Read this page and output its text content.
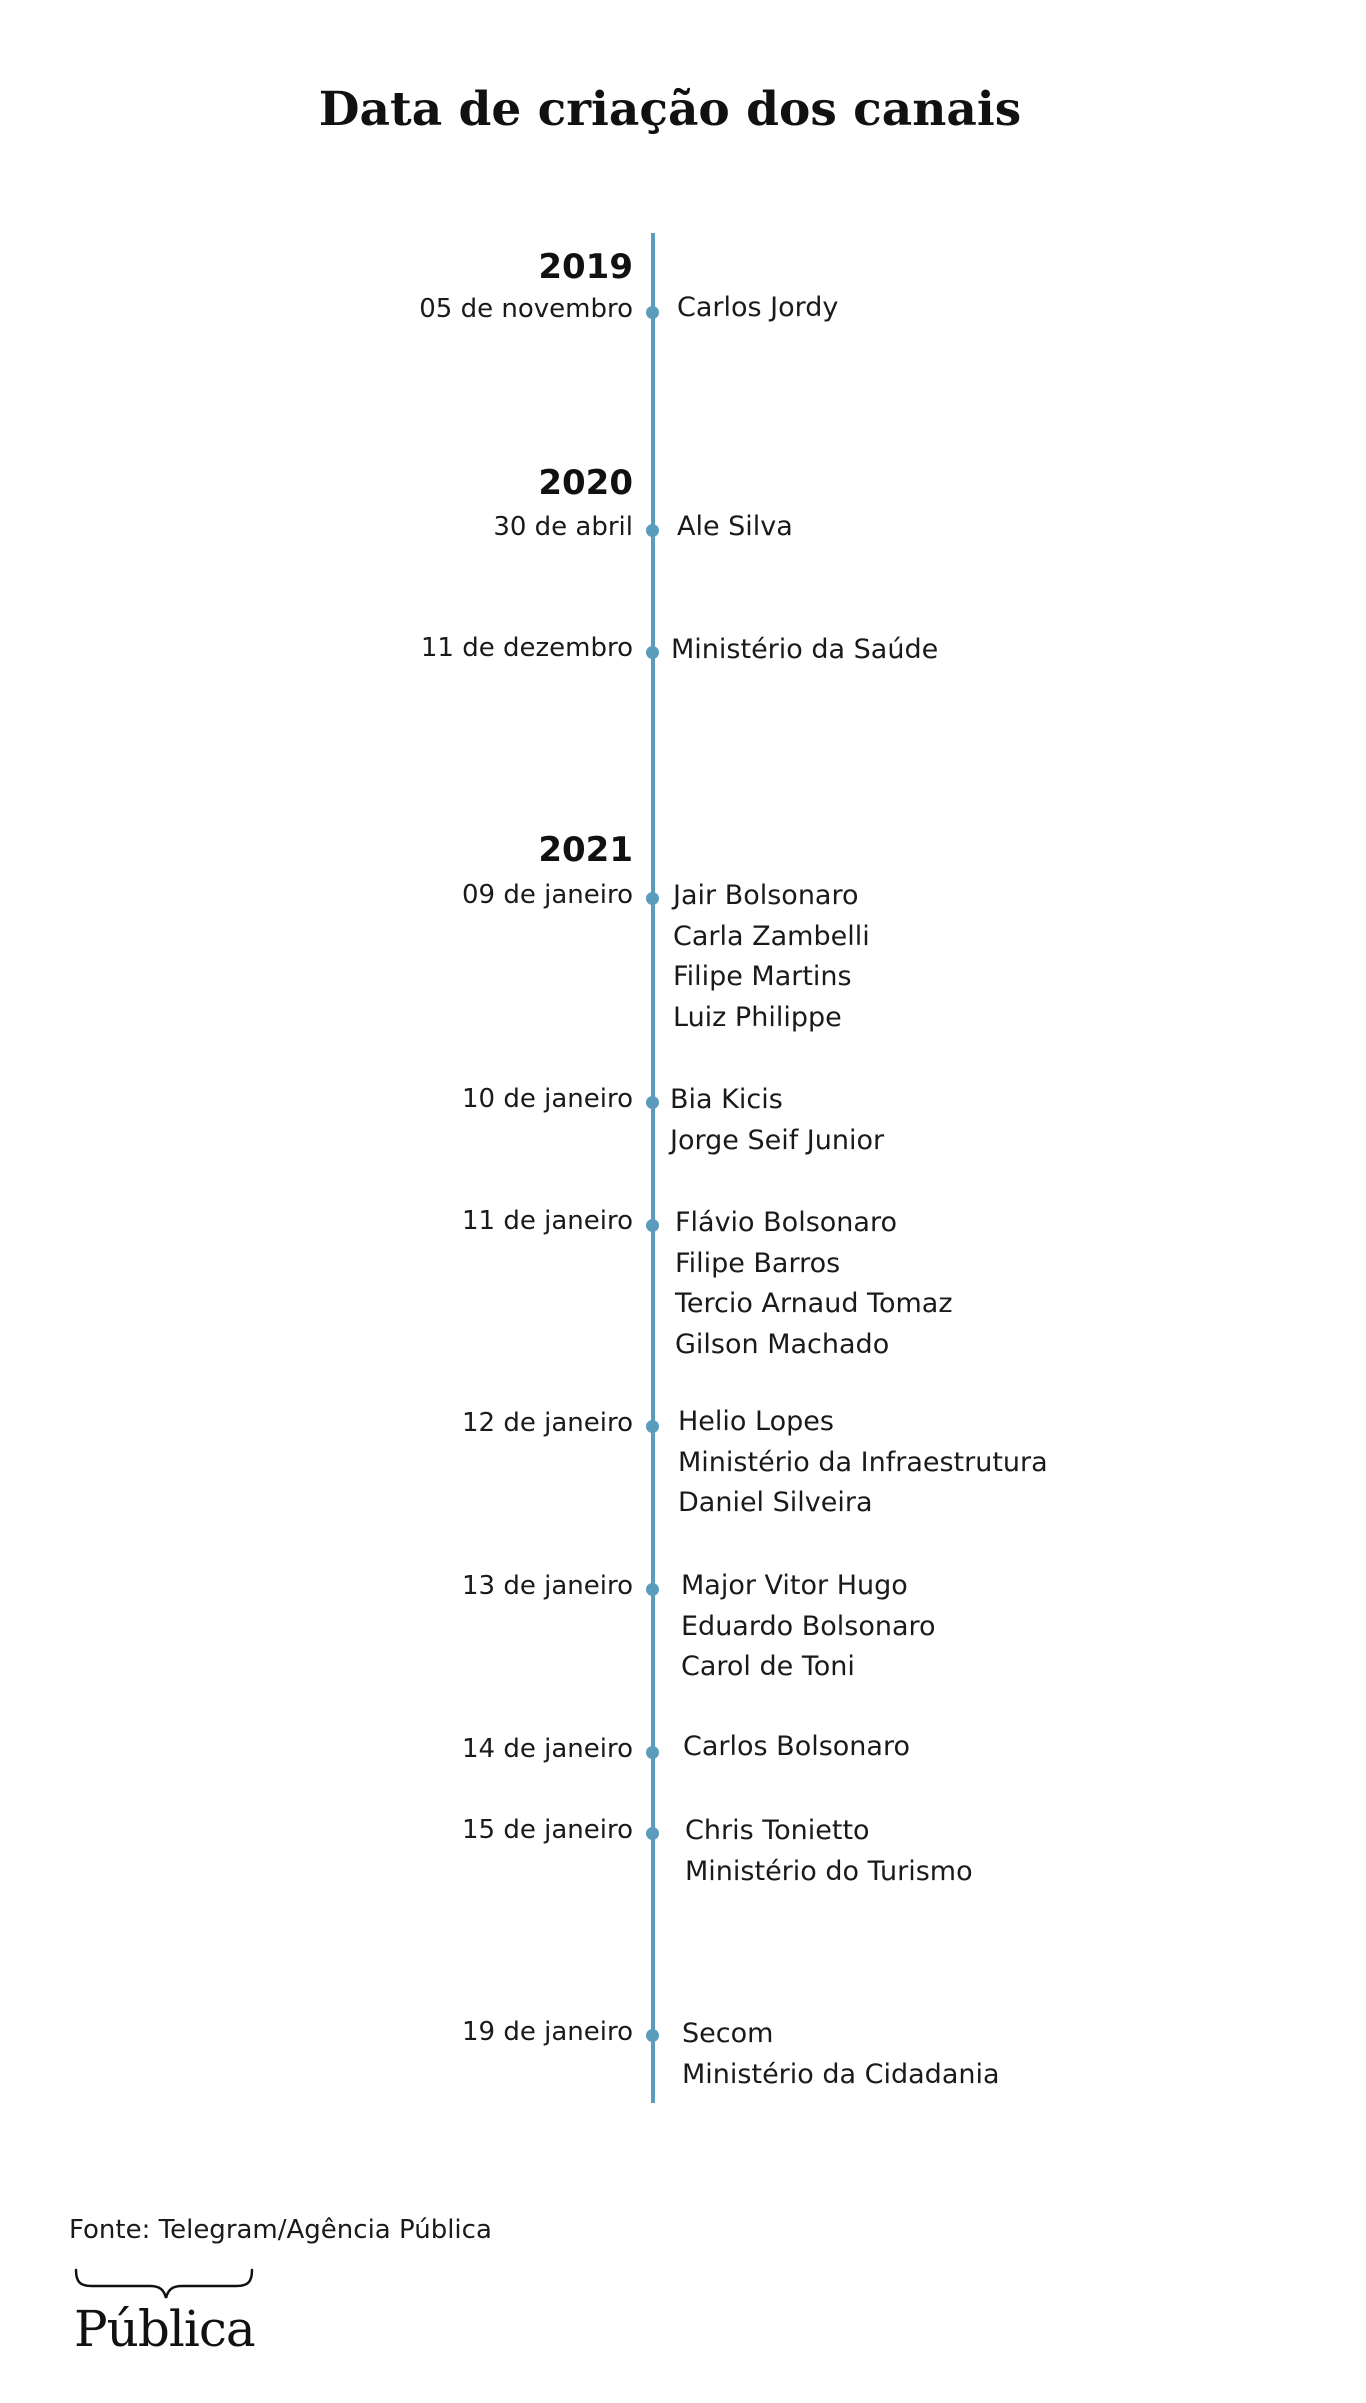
Data de criação dos canais
2019
2020
2021
05 de novembro Carlos Jordy
30 de abril Ale Silva
11 de dezembro Ministério da Saúde
09 de janeiro Jair Bolsonaro
Carla Zambelli
Filipe Martins
Luiz Philippe
10 de janeiro Bia Kicis
Jorge Seif Junior
11 de janeiro Flávio Bolsonaro
Filipe Barros
Tercio Arnaud Tomaz
Gilson Machado
12 de janeiro Helio Lopes
Ministério da Infraestrutura
Daniel Silveira
13 de janeiro Major Vitor Hugo
Eduardo Bolsonaro
Carol de Toni
14 de janeiro Carlos Bolsonaro
15 de janeiro Chris Tonietto
Ministério do Turismo
19 de janeiro Secom
Ministério da Cidadania
Fonte: Telegram/Agência Pública
Pública
